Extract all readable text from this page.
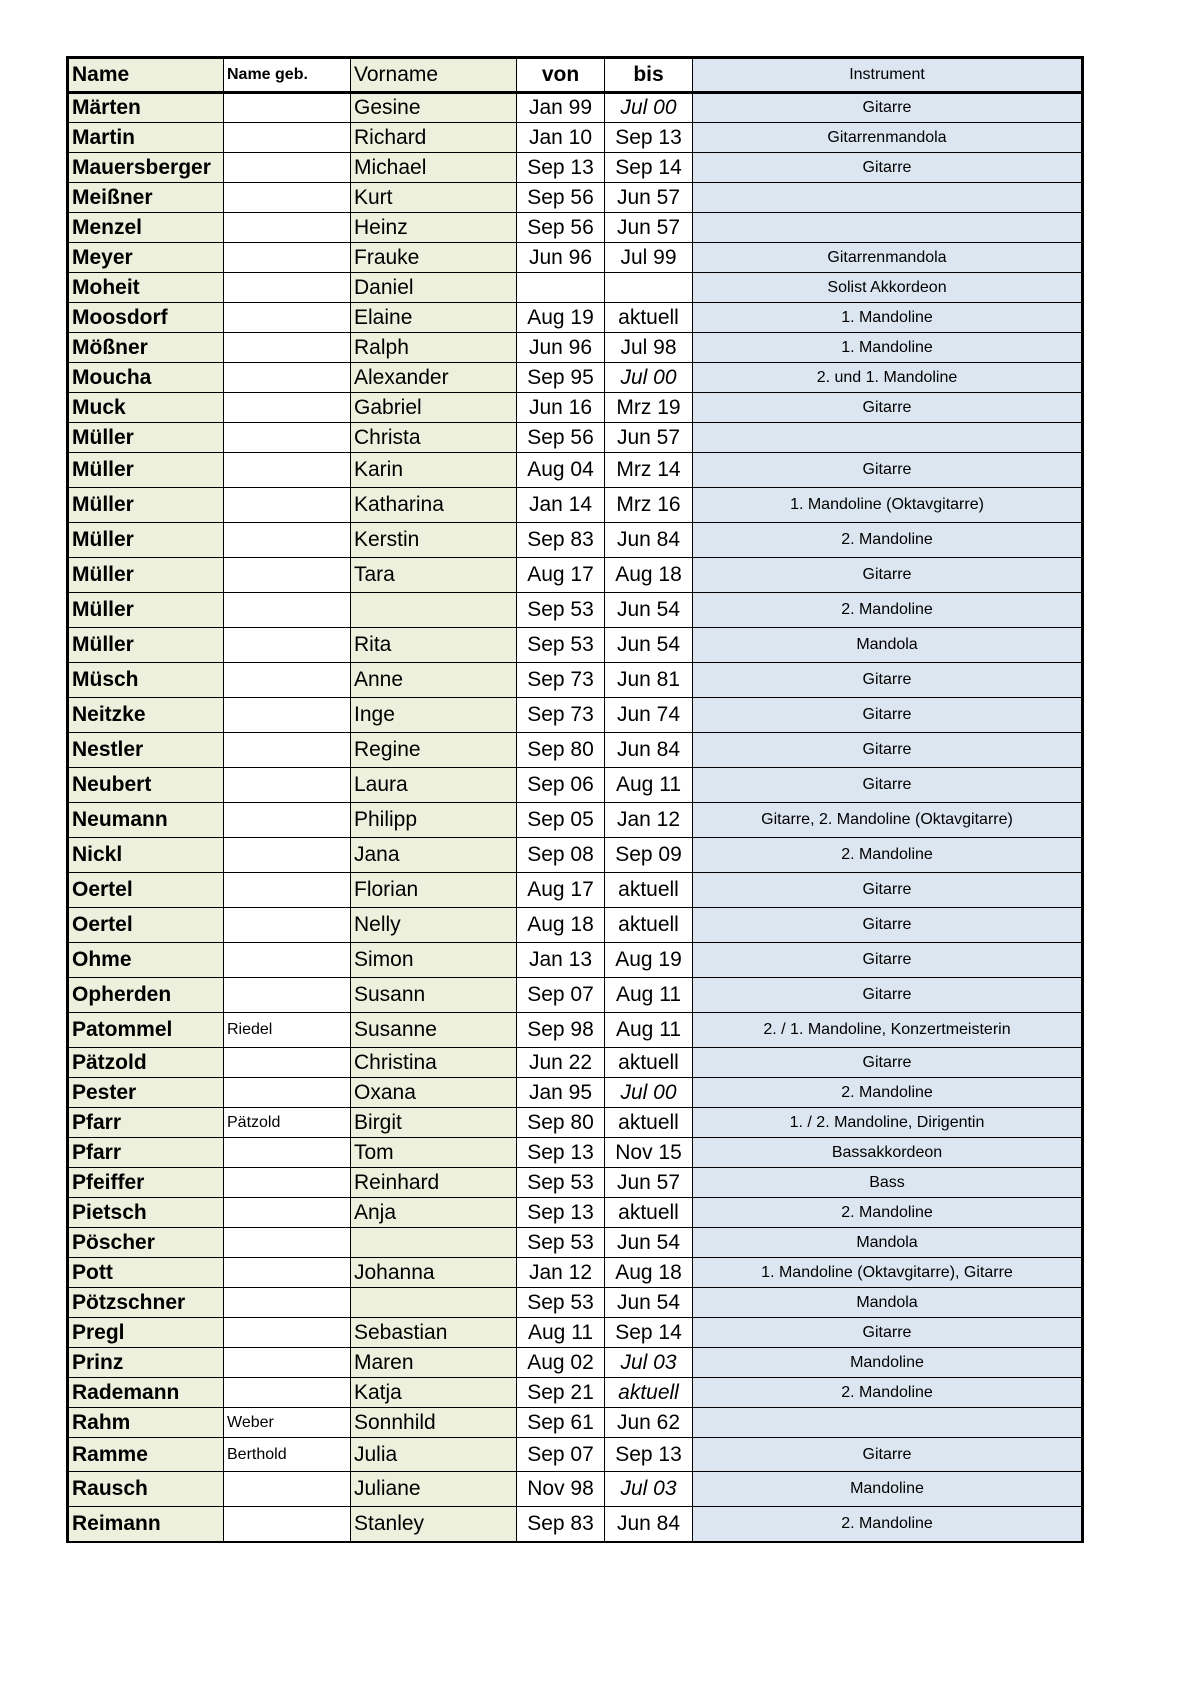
Name	Name geb.	Vorname	von	bis	Instrument
Märten		Gesine	Jan 99	Jul 00	Gitarre
Martin		Richard	Jan 10	Sep 13	Gitarrenmandola
Mauersberger		Michael	Sep 13	Sep 14	Gitarre
Meißner		Kurt	Sep 56	Jun 57	
Menzel		Heinz	Sep 56	Jun 57	
Meyer		Frauke	Jun 96	Jul 99	Gitarrenmandola
Moheit		Daniel			Solist Akkordeon
Moosdorf		Elaine	Aug 19	aktuell	1. Mandoline
Mößner		Ralph	Jun 96	Jul 98	1. Mandoline
Moucha		Alexander	Sep 95	Jul 00	2. und 1. Mandoline
Muck		Gabriel	Jun 16	Mrz 19	Gitarre
Müller		Christa	Sep 56	Jun 57	
Müller		Karin	Aug 04	Mrz 14	Gitarre
Müller		Katharina	Jan 14	Mrz 16	1. Mandoline (Oktavgitarre)
Müller		Kerstin	Sep 83	Jun 84	2. Mandoline
Müller		Tara	Aug 17	Aug 18	Gitarre
Müller			Sep 53	Jun 54	2. Mandoline
Müller		Rita	Sep 53	Jun 54	Mandola
Müsch		Anne	Sep 73	Jun 81	Gitarre
Neitzke		Inge	Sep 73	Jun 74	Gitarre
Nestler		Regine	Sep 80	Jun 84	Gitarre
Neubert		Laura	Sep 06	Aug 11	Gitarre
Neumann		Philipp	Sep 05	Jan 12	Gitarre, 2. Mandoline (Oktavgitarre)
Nickl		Jana	Sep 08	Sep 09	2. Mandoline
Oertel		Florian	Aug 17	aktuell	Gitarre
Oertel		Nelly	Aug 18	aktuell	Gitarre
Ohme		Simon	Jan 13	Aug 19	Gitarre
Opherden		Susann	Sep 07	Aug 11	Gitarre
Patommel	Riedel	Susanne	Sep 98	Aug 11	2. / 1. Mandoline, Konzertmeisterin
Pätzold		Christina	Jun 22	aktuell	Gitarre
Pester		Oxana	Jan 95	Jul 00	2. Mandoline
Pfarr	Pätzold	Birgit	Sep 80	aktuell	1. / 2. Mandoline, Dirigentin
Pfarr		Tom	Sep 13	Nov 15	Bassakkordeon
Pfeiffer		Reinhard	Sep 53	Jun 57	Bass
Pietsch		Anja	Sep 13	aktuell	2. Mandoline
Pöscher			Sep 53	Jun 54	Mandola
Pott		Johanna	Jan 12	Aug 18	1. Mandoline (Oktavgitarre), Gitarre
Pötzschner			Sep 53	Jun 54	Mandola
Pregl		Sebastian	Aug 11	Sep 14	Gitarre
Prinz		Maren	Aug 02	Jul 03	Mandoline
Rademann		Katja	Sep 21	aktuell	2. Mandoline
Rahm	Weber	Sonnhild	Sep 61	Jun 62	
Ramme	Berthold	Julia	Sep 07	Sep 13	Gitarre
Rausch		Juliane	Nov 98	Jul 03	Mandoline
Reimann		Stanley	Sep 83	Jun 84	2. Mandoline
